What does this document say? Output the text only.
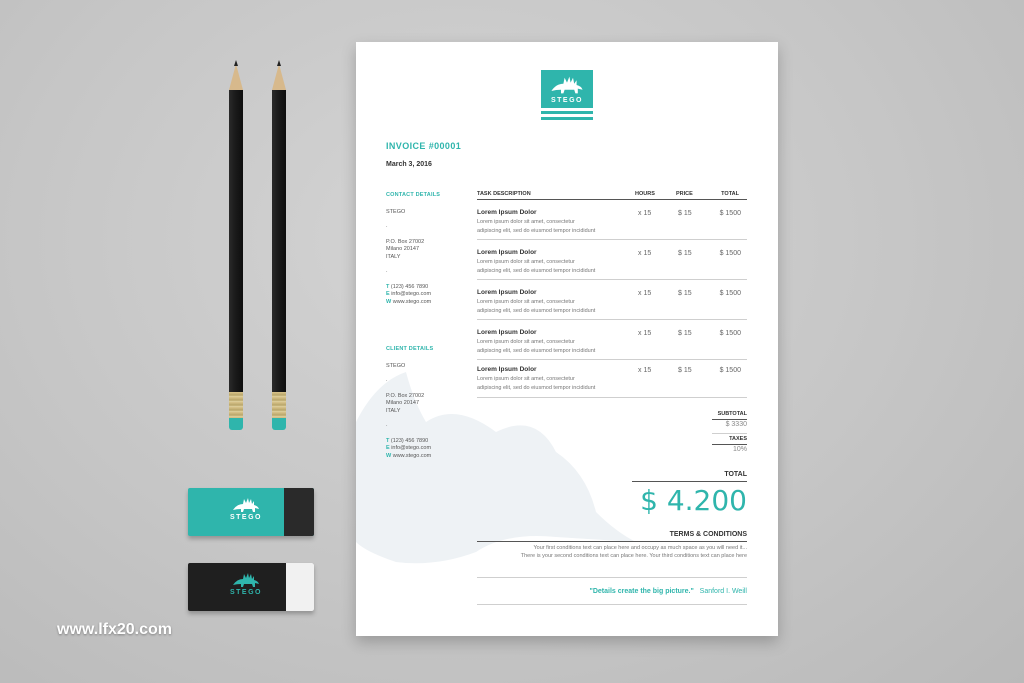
STEGO
STEGO
www.lfx20.com
STEGO
INVOICE #00001
March 3, 2016
CONTACT DETAILS
STEGO
.
P.O. Box 27002
Milano 20147
ITALY
.
T (123) 456 7890
E info@stego.com
W www.stego.com
CLIENT DETAILS
STEGO
.
P.O. Box 27002
Milano 20147
ITALY
.
T (123) 456 7890
E info@stego.com
W www.stego.com
TASK DESCRIPTION	HOURS	PRICE	TOTAL
Lorem Ipsum Dolor
Lorem ipsum dolor sit amet, consectetur
adipiscing elit, sed do eiusmod tempor incididunt
x 15	$ 15	$ 1500
Lorem Ipsum Dolor
Lorem ipsum dolor sit amet, consectetur
adipiscing elit, sed do eiusmod tempor incididunt
x 15	$ 15	$ 1500
Lorem Ipsum Dolor
Lorem ipsum dolor sit amet, consectetur
adipiscing elit, sed do eiusmod tempor incididunt
x 15	$ 15	$ 1500
Lorem Ipsum Dolor
Lorem ipsum dolor sit amet, consectetur
adipiscing elit, sed do eiusmod tempor incididunt
x 15	$ 15	$ 1500
Lorem Ipsum Dolor
Lorem ipsum dolor sit amet, consectetur
adipiscing elit, sed do eiusmod tempor incididunt
x 15	$ 15	$ 1500
SUBTOTAL
$ 3330
TAXES
10%
TOTAL
$ 4.200
TERMS & CONDITIONS
Your first conditions text can place here and occupy as much space as you will need it...
There is your second conditions text can place here. Your third conditions text can place here
"Details create the big picture." Sanford I. Weill
